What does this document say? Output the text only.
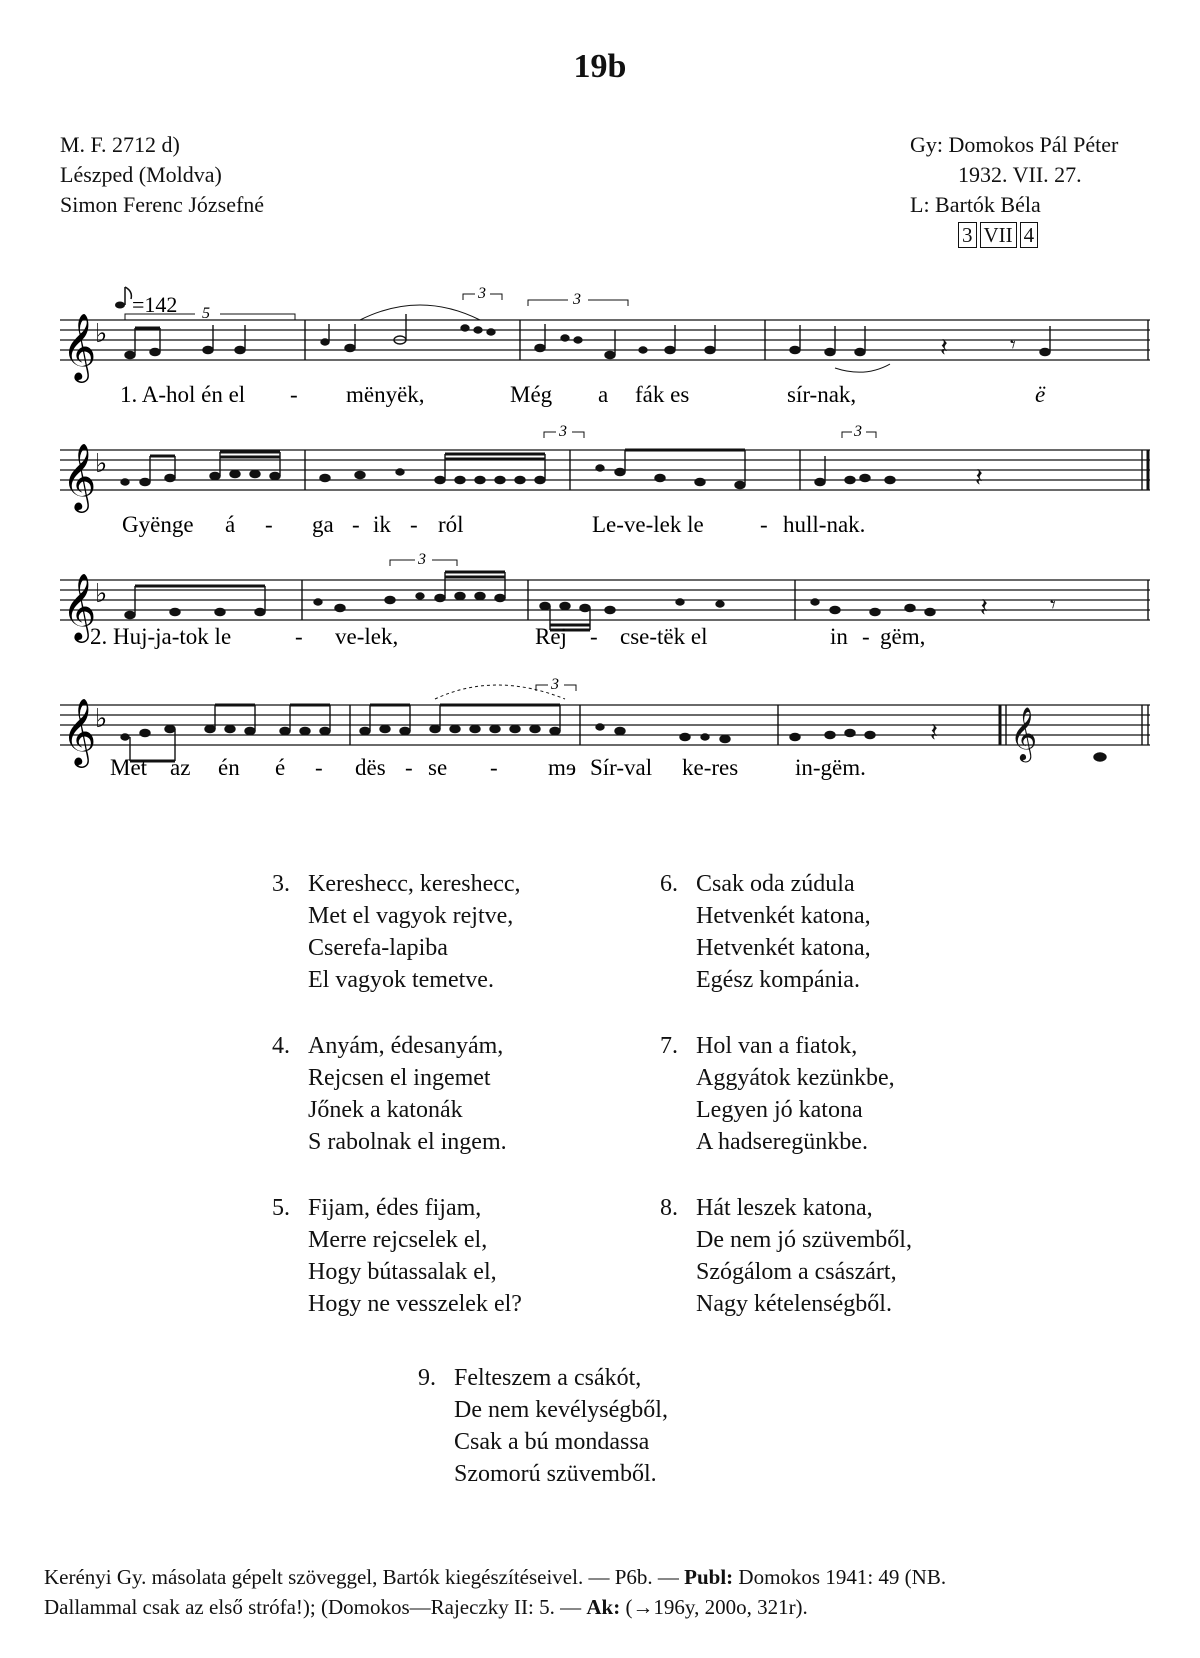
19b
M. F. 2712 d)
Lészped (Moldva)
Simon Ferenc Józsefné
Gy: Domokos Pál Péter
1932. VII. 27.
L: Bartók Béla
3 VII 4
=142 5
3	3
𝄞
♭	𝄽	𝄾
1. A-hol én el - mënyëk,	Még a fák es	sír-nak,	ë
3	3
𝄞
♭	𝄽
Gyënge á - ga - ik - ról	Le-ve-lek le - hull-nak.
3
𝄞
♭	𝄽	𝄾
2. Huj-ja-tok le	- ve-lek,	Rej - cse-tëk el	in - gëm,
3
𝄞
♭	𝄽 𝄞
Met az én é - dës - se - mɘ Sír-val ke-res in-gëm.
3. Kereshecc, kereshecc,
Met el vagyok rejtve,
Cserefa-lapiba
El vagyok temetve.
6. Csak oda zúdula
Hetvenkét katona,
Hetvenkét katona,
Egész kompánia.
4. Anyám, édesanyám,
Rejcsen el ingemet
Jőnek a katonák
S rabolnak el ingem.
7. Hol van a fiatok,
Aggyátok kezünkbe,
Legyen jó katona
A hadseregünkbe.
5. Fijam, édes fijam,
Merre rejcselek el,
Hogy bútassalak el,
Hogy ne vesszelek el?
8. Hát leszek katona,
De nem jó szüvemből,
Szógálom a császárt,
Nagy kételenségből.
9. Felteszem a csákót,
De nem kevélységből,
Csak a bú mondassa
Szomorú szüvemből.
Kerényi Gy. másolata gépelt szöveggel, Bartók kiegészítéseivel. — P6b. — Publ: Domokos 1941: 49 (NB.
Dallammal csak az első strófa!); (Domokos—Rajeczky II: 5. — Ak: (→196y, 200o, 321r).
